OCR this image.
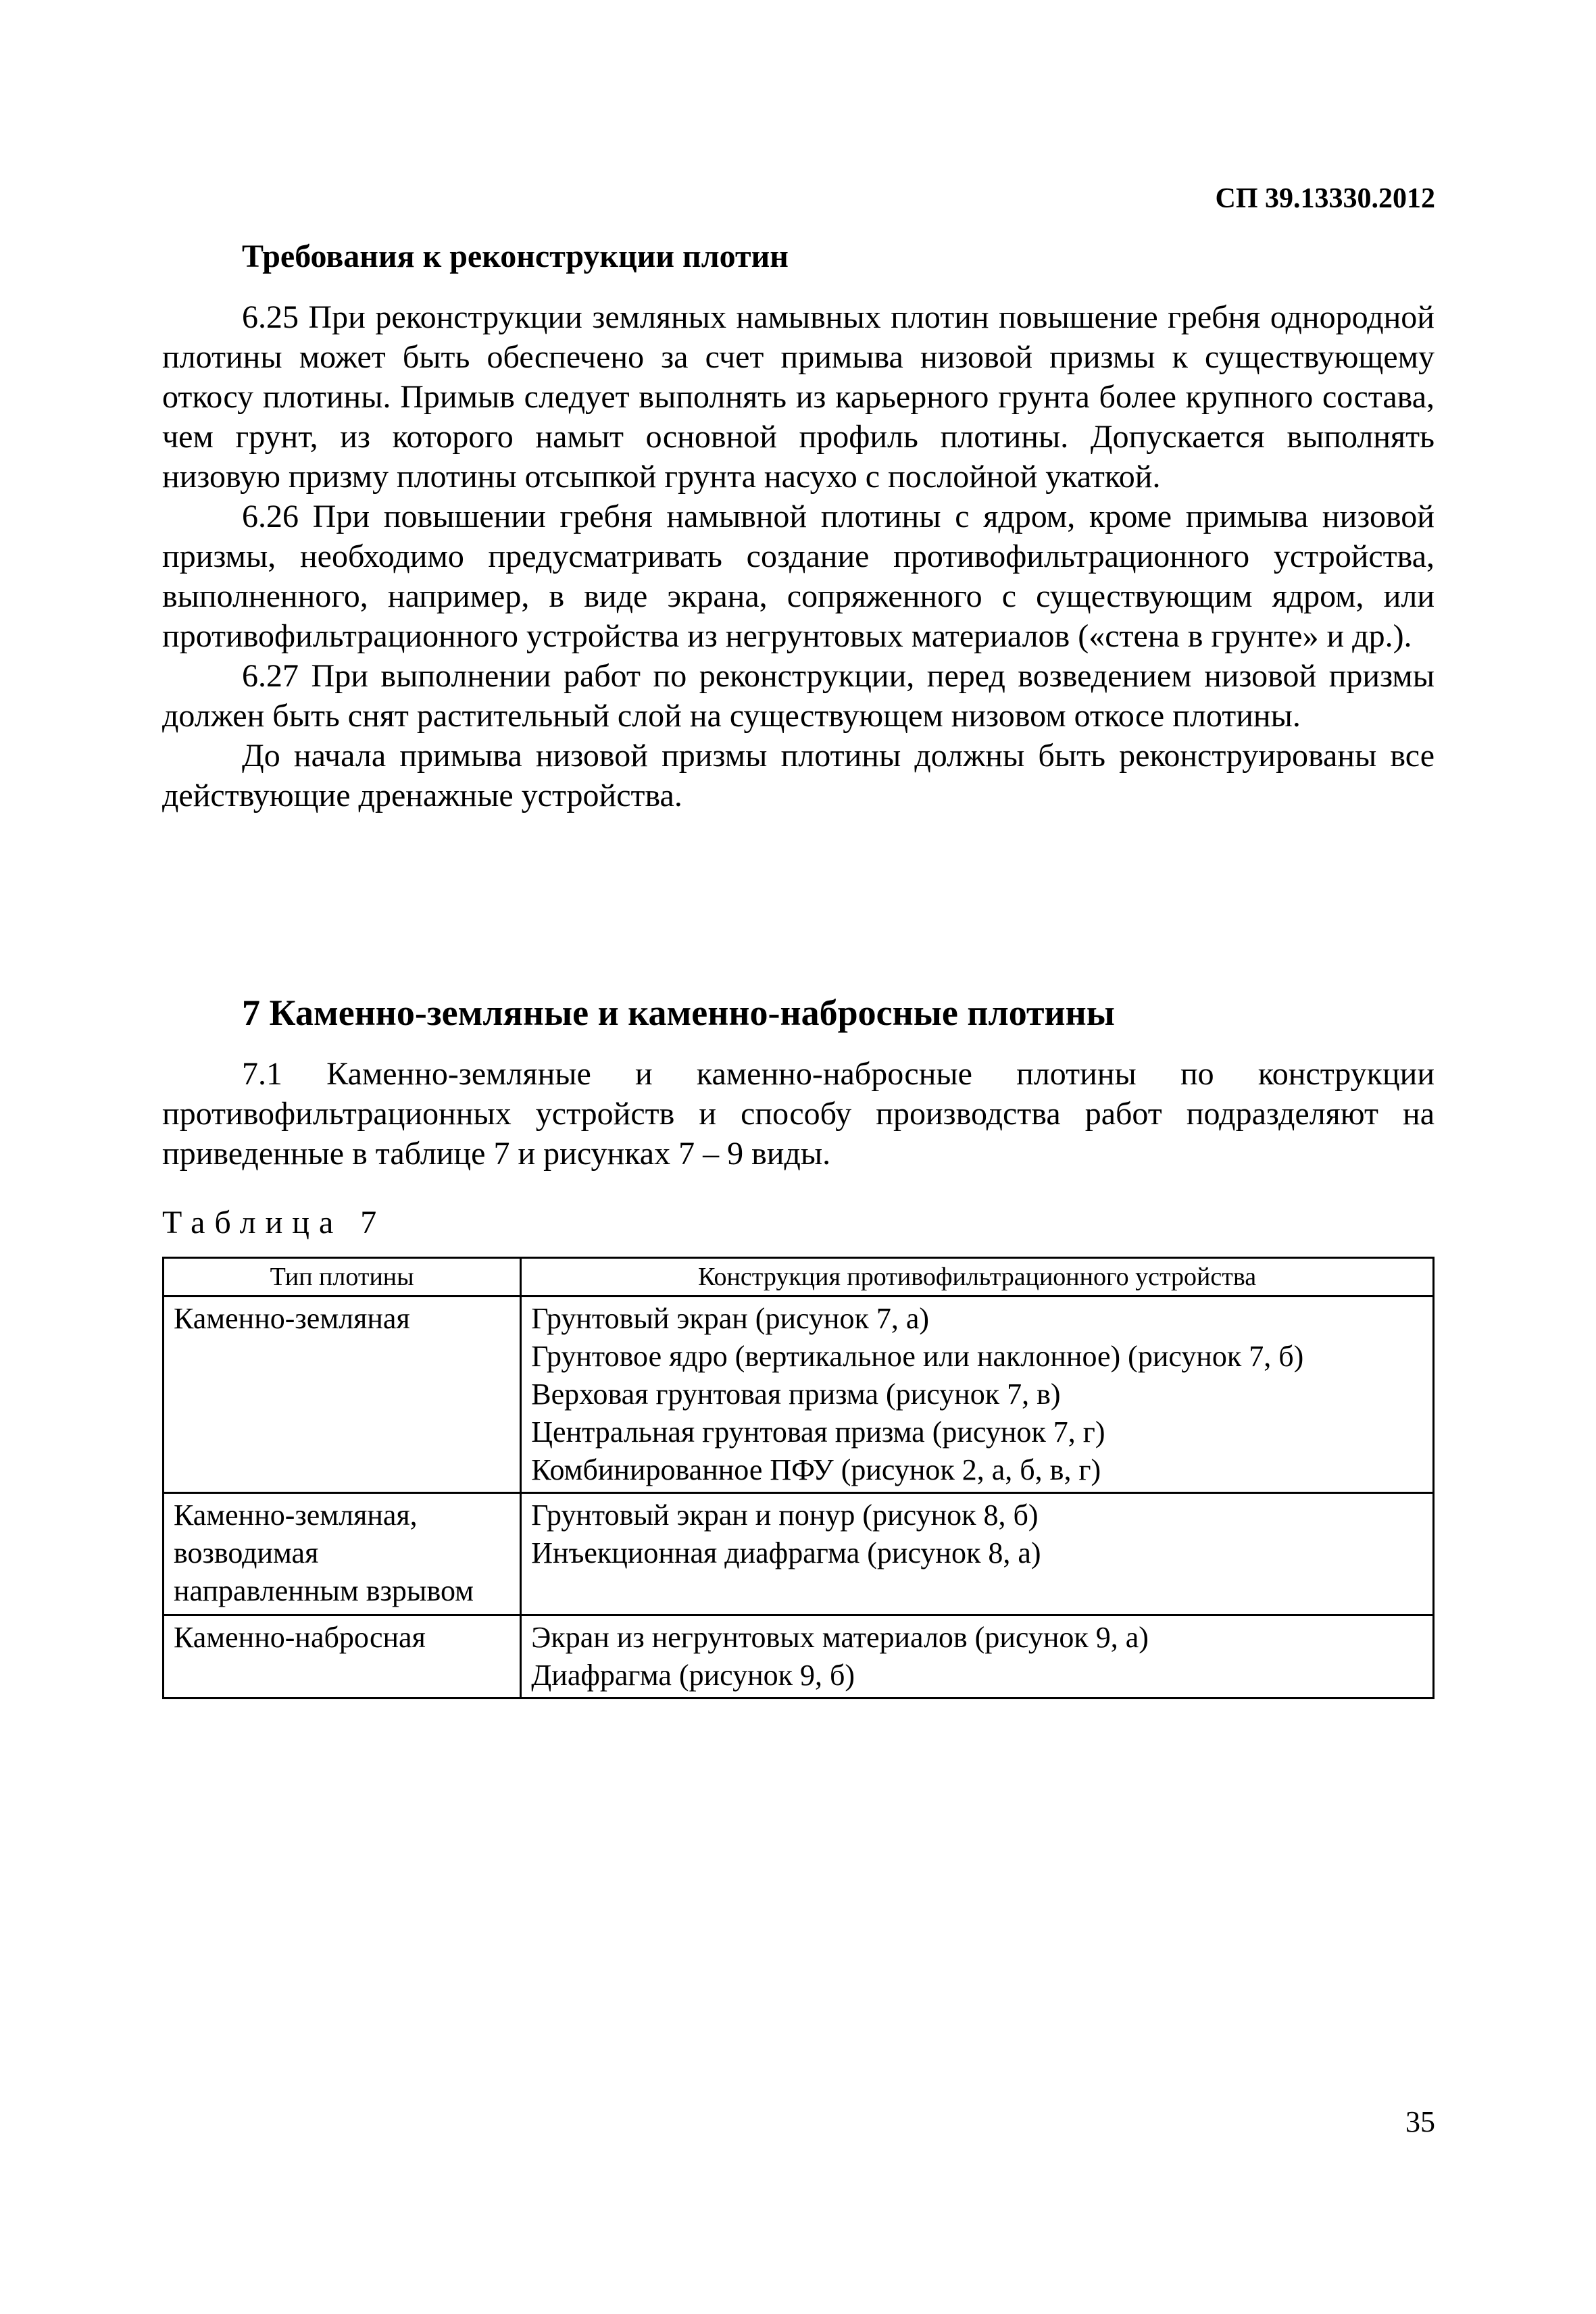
СП 39.13330.2012
Требования к реконструкции плотин

6.25 При реконструкции земляных намывных плотин повышение гребня однородной плотины может быть обеспечено за счет примыва низовой призмы к существующему откосу плотины. Примыв следует выполнять из карьерного грунта более крупного состава, чем грунт, из которого намыт основной профиль плотины. Допускается выполнять низовую призму плотины отсыпкой грунта насухо с послойной укаткой.

6.26 При повышении гребня намывной плотины с ядром, кроме примыва низовой призмы, необходимо предусматривать создание противофильтрационного устройства, выполненного, например, в виде экрана, сопряженного с существующим ядром, или противофильтрационного устройства из негрунтовых материалов («стена в грунте» и др.).

6.27 При выполнении работ по реконструкции, перед возведением низовой призмы должен быть снят растительный слой на существующем низовом откосе плотины.

До начала примыва низовой призмы плотины должны быть реконструированы все действующие дренажные устройства.

7 Каменно-земляные и каменно-набросные плотины

7.1 Каменно-земляные и каменно-набросные плотины по конструкции противофильтрационных устройств и способу производства работ подразделяют на приведенные в таблице 7 и рисунках 7 – 9 виды.

Таблица 7
Тип плотины	Конструкция противофильтрационного устройства

Каменно-земляная	Грунтовый экран (рисунок 7, а)
Грунтовое ядро (вертикальное или наклонное) (рисунок 7, б)
Верховая грунтовая призма (рисунок 7, в)
Центральная грунтовая призма (рисунок 7, г)
Комбинированное ПФУ (рисунок 2, а, б, в, г)

Каменно-земляная,
возводимая
направленным взрывом	Грунтовый экран и понур (рисунок 8, б)
Инъекционная диафрагма (рисунок 8, а)

Каменно-набросная	Экран из негрунтовых материалов (рисунок 9, а)
Диафрагма (рисунок 9, б)
35
